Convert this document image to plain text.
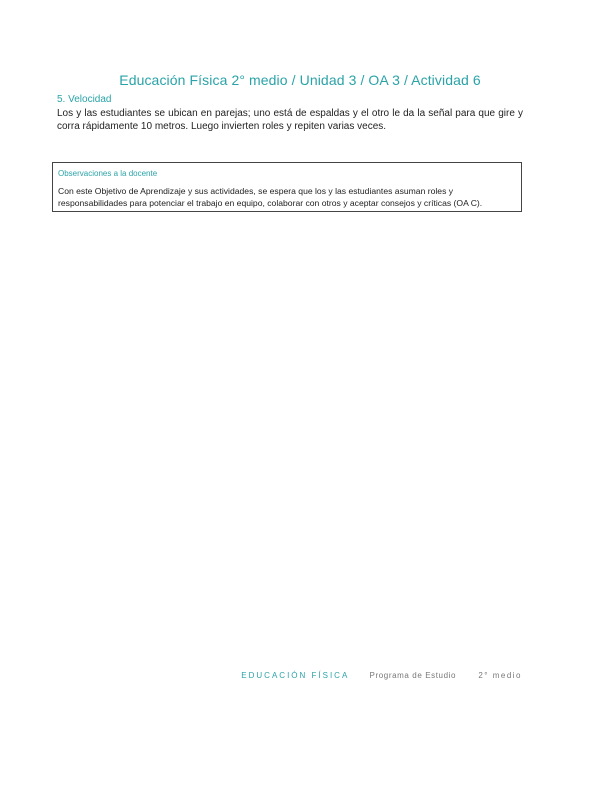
Educación Física 2° medio / Unidad 3 / OA 3 / Actividad 6
5. Velocidad

Los y las estudiantes se ubican en parejas; uno está de espaldas y el otro le da la señal para que gire y corra rápidamente 10 metros. Luego invierten roles y repiten varias veces.

Observaciones a la docente

Con este Objetivo de Aprendizaje y sus actividades, se espera que los y las estudiantes asuman roles y responsabilidades para potenciar el trabajo en equipo, colaborar con otros y aceptar consejos y críticas (OA C).

EDUCACIÓN FÍSICA	Programa de Estudio	2° medio
